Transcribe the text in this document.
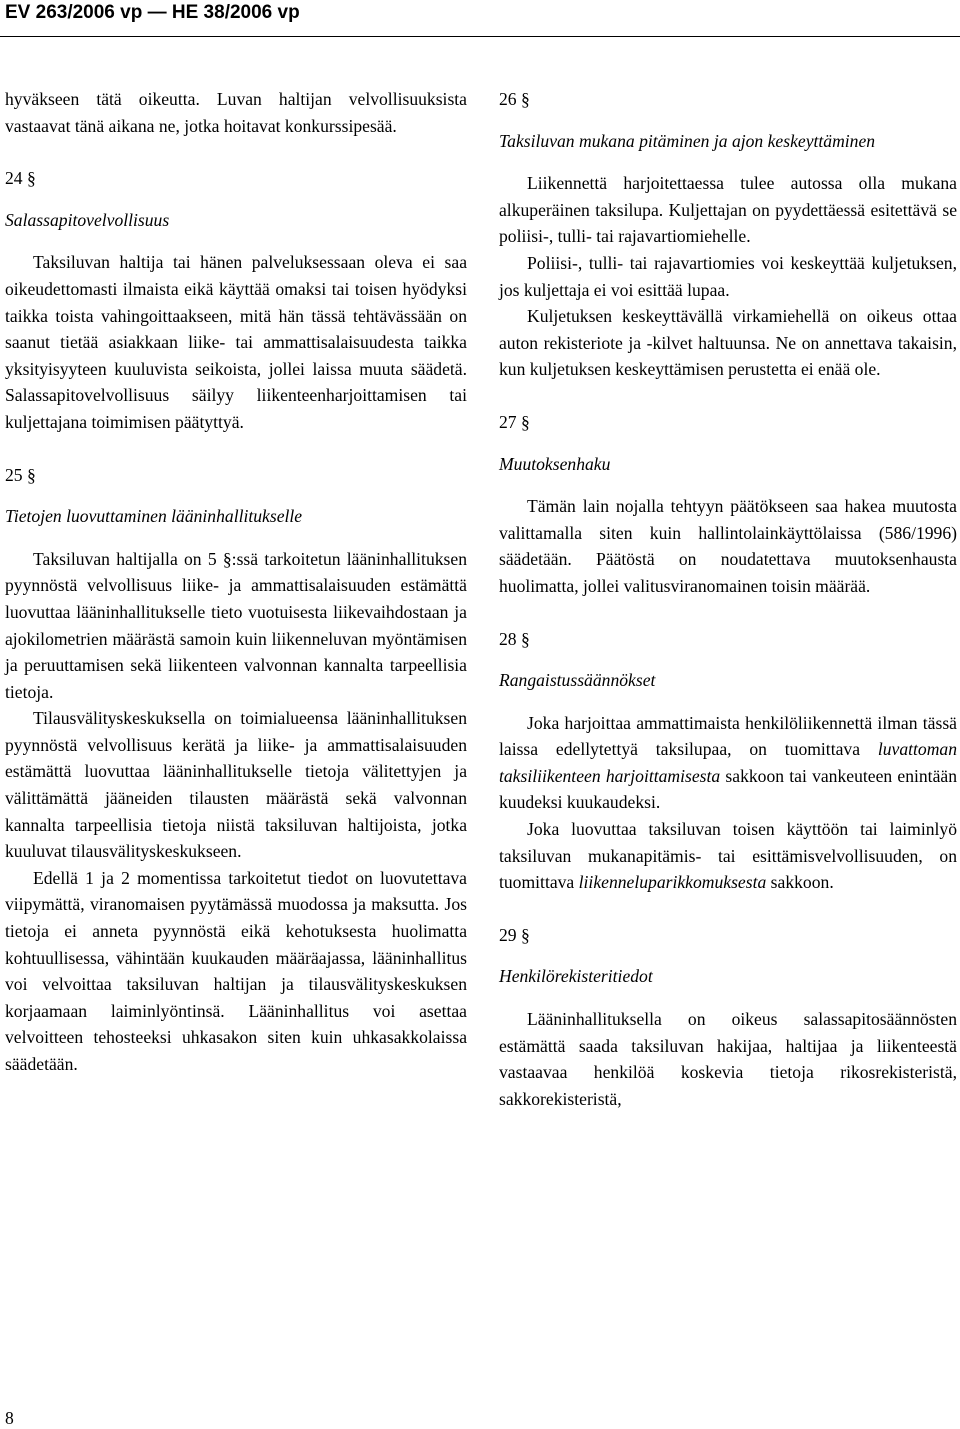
EV 263/2006 vp — HE 38/2006 vp

hyväkseen tätä oikeutta. Luvan haltijan velvollisuuksista vastaavat tänä aikana ne, jotka hoitavat konkurssipesää.

24 §

Salassapitovelvollisuus

Taksiluvan haltija tai hänen palveluksessaan oleva ei saa oikeudettomasti ilmaista eikä käyttää omaksi tai toisen hyödyksi taikka toista vahingoittaakseen, mitä hän tässä tehtävässään on saanut tietää asiakkaan liike- tai ammattisalaisuudesta taikka yksityisyyteen kuuluvista seikoista, jollei laissa muuta säädetä. Salassapitovelvollisuus säilyy liikenteenharjoittamisen tai kuljettajana toimimisen päätyttyä.

25 §

Tietojen luovuttaminen lääninhallitukselle

Taksiluvan haltijalla on 5 §:ssä tarkoitetun lääninhallituksen pyynnöstä velvollisuus liike- ja ammattisalaisuuden estämättä luovuttaa lääninhallitukselle tieto vuotuisesta liikevaihdostaan ja ajokilometrien määrästä samoin kuin liikenneluvan myöntämisen ja peruuttamisen sekä liikenteen valvonnan kannalta tarpeellisia tietoja.

Tilausvälityskeskuksella on toimialueensa lääninhallituksen pyynnöstä velvollisuus kerätä ja liike- ja ammattisalaisuuden estämättä luovuttaa lääninhallitukselle tietoja välitettyjen ja välittämättä jääneiden tilausten määrästä sekä valvonnan kannalta tarpeellisia tietoja niistä taksiluvan haltijoista, jotka kuuluvat tilausvälityskeskukseen.

Edellä 1 ja 2 momentissa tarkoitetut tiedot on luovutettava viipymättä, viranomaisen pyytämässä muodossa ja maksutta. Jos tietoja ei anneta pyynnöstä eikä kehotuksesta huolimatta kohtuullisessa, vähintään kuukauden määräajassa, lääninhallitus voi velvoittaa taksiluvan haltijan ja tilausvälityskeskuksen korjaamaan laiminlyöntinsä. Lääninhallitus voi asettaa velvoitteen tehosteeksi uhkasakon siten kuin uhkasakkolaissa säädetään.

26 §

Taksiluvan mukana pitäminen ja ajon keskeyttäminen

Liikennettä harjoitettaessa tulee autossa olla mukana alkuperäinen taksilupa. Kuljettajan on pyydettäessä esitettävä se poliisi-, tulli- tai rajavartiomiehelle.

Poliisi-, tulli- tai rajavartiomies voi keskeyttää kuljetuksen, jos kuljettaja ei voi esittää lupaa.

Kuljetuksen keskeyttävällä virkamiehellä on oikeus ottaa auton rekisteriote ja -kilvet haltuunsa. Ne on annettava takaisin, kun kuljetuksen keskeyttämisen perustetta ei enää ole.

27 §

Muutoksenhaku

Tämän lain nojalla tehtyyn päätökseen saa hakea muutosta valittamalla siten kuin hallintolainkäyttölaissa (586/1996) säädetään. Päätöstä on noudatettava muutoksenhausta huolimatta, jollei valitusviranomainen toisin määrää.

28 §

Rangaistussäännökset

Joka harjoittaa ammattimaista henkilöliikennettä ilman tässä laissa edellytettyä taksilupaa, on tuomittava luvattoman taksiliikenteen harjoittamisesta sakkoon tai vankeuteen enintään kuudeksi kuukaudeksi.

Joka luovuttaa taksiluvan toisen käyttöön tai laiminlyö taksiluvan mukanapitämis- tai esittämisvelvollisuuden, on tuomittava liikenneluparikkomuksesta sakkoon.

29 §

Henkilörekisteritiedot

Lääninhallituksella on oikeus salassapitosäännösten estämättä saada taksiluvan hakijaa, haltijaa ja liikenteestä vastaavaa henkilöä koskevia tietoja rikosrekisteristä, sakkorekisteristä,

8
